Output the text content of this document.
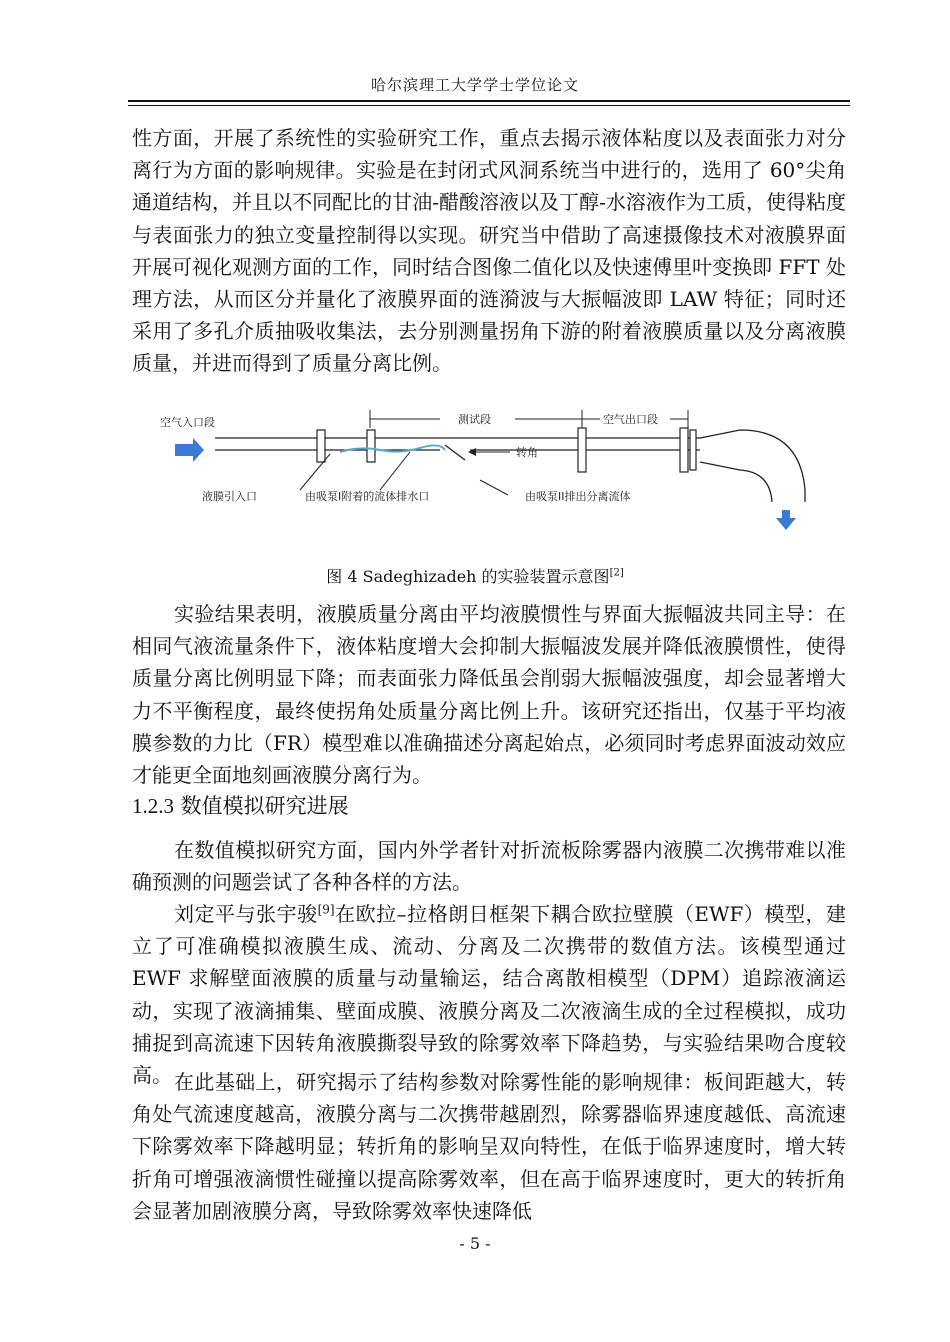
哈尔滨理工大学学士学位论文
性方面，开展了系统性的实验研究工作，重点去揭示液体粘度以及表面张力对分离行为方面的影响规律。实验是在封闭式风洞系统当中进行的，选用了 60°尖角通道结构，并且以不同配比的甘油-醋酸溶液以及丁醇-水溶液作为工质，使得粘度与表面张力的独立变量控制得以实现。研究当中借助了高速摄像技术对液膜界面开展可视化观测方面的工作，同时结合图像二值化以及快速傅里叶变换即 FFT 处理方法，从而区分并量化了液膜界面的涟漪波与大振幅波即 LAW 特征；同时还采用了多孔介质抽吸收集法，去分别测量拐角下游的附着液膜质量以及分离液膜质量，并进而得到了质量分离比例。
空气入口段	测试段	空气出口段
转角
液膜引入口	由吸泵I附着的流体排水口	由吸泵II排出分离流体
图 4 Sadeghizadeh 的实验装置示意图[2]
实验结果表明，液膜质量分离由平均液膜惯性与界面大振幅波共同主导：在相同气液流量条件下，液体粘度增大会抑制大振幅波发展并降低液膜惯性，使得质量分离比例明显下降；而表面张力降低虽会削弱大振幅波强度，却会显著增大力不平衡程度，最终使拐角处质量分离比例上升。该研究还指出，仅基于平均液膜参数的力比（FR）模型难以准确描述分离起始点，必须同时考虑界面波动效应才能更全面地刻画液膜分离行为。
1.2.3 数值模拟研究进展
在数值模拟研究方面，国内外学者针对折流板除雾器内液膜二次携带难以准确预测的问题尝试了各种各样的方法。
刘定平与张宇骏[9]在欧拉–拉格朗日框架下耦合欧拉壁膜（EWF）模型，建立了可准确模拟液膜生成、流动、分离及二次携带的数值方法。该模型通过 EWF 求解壁面液膜的质量与动量输运，结合离散相模型（DPM）追踪液滴运动，实现了液滴捕集、壁面成膜、液膜分离及二次液滴生成的全过程模拟，成功捕捉到高流速下因转角液膜撕裂导致的除雾效率下降趋势，与实验结果吻合度较高。 在此基础上，研究揭示了结构参数对除雾性能的影响规律：板间距越大，转角处气流速度越高，液膜分离与二次携带越剧烈，除雾器临界速度越低、高流速下除雾效率下降越明显；转折角的影响呈双向特性，在低于临界速度时，增大转折角可增强液滴惯性碰撞以提高除雾效率，但在高于临界速度时，更大的转折角会显著加剧液膜分离，导致除雾效率快速降低
- 5 -
